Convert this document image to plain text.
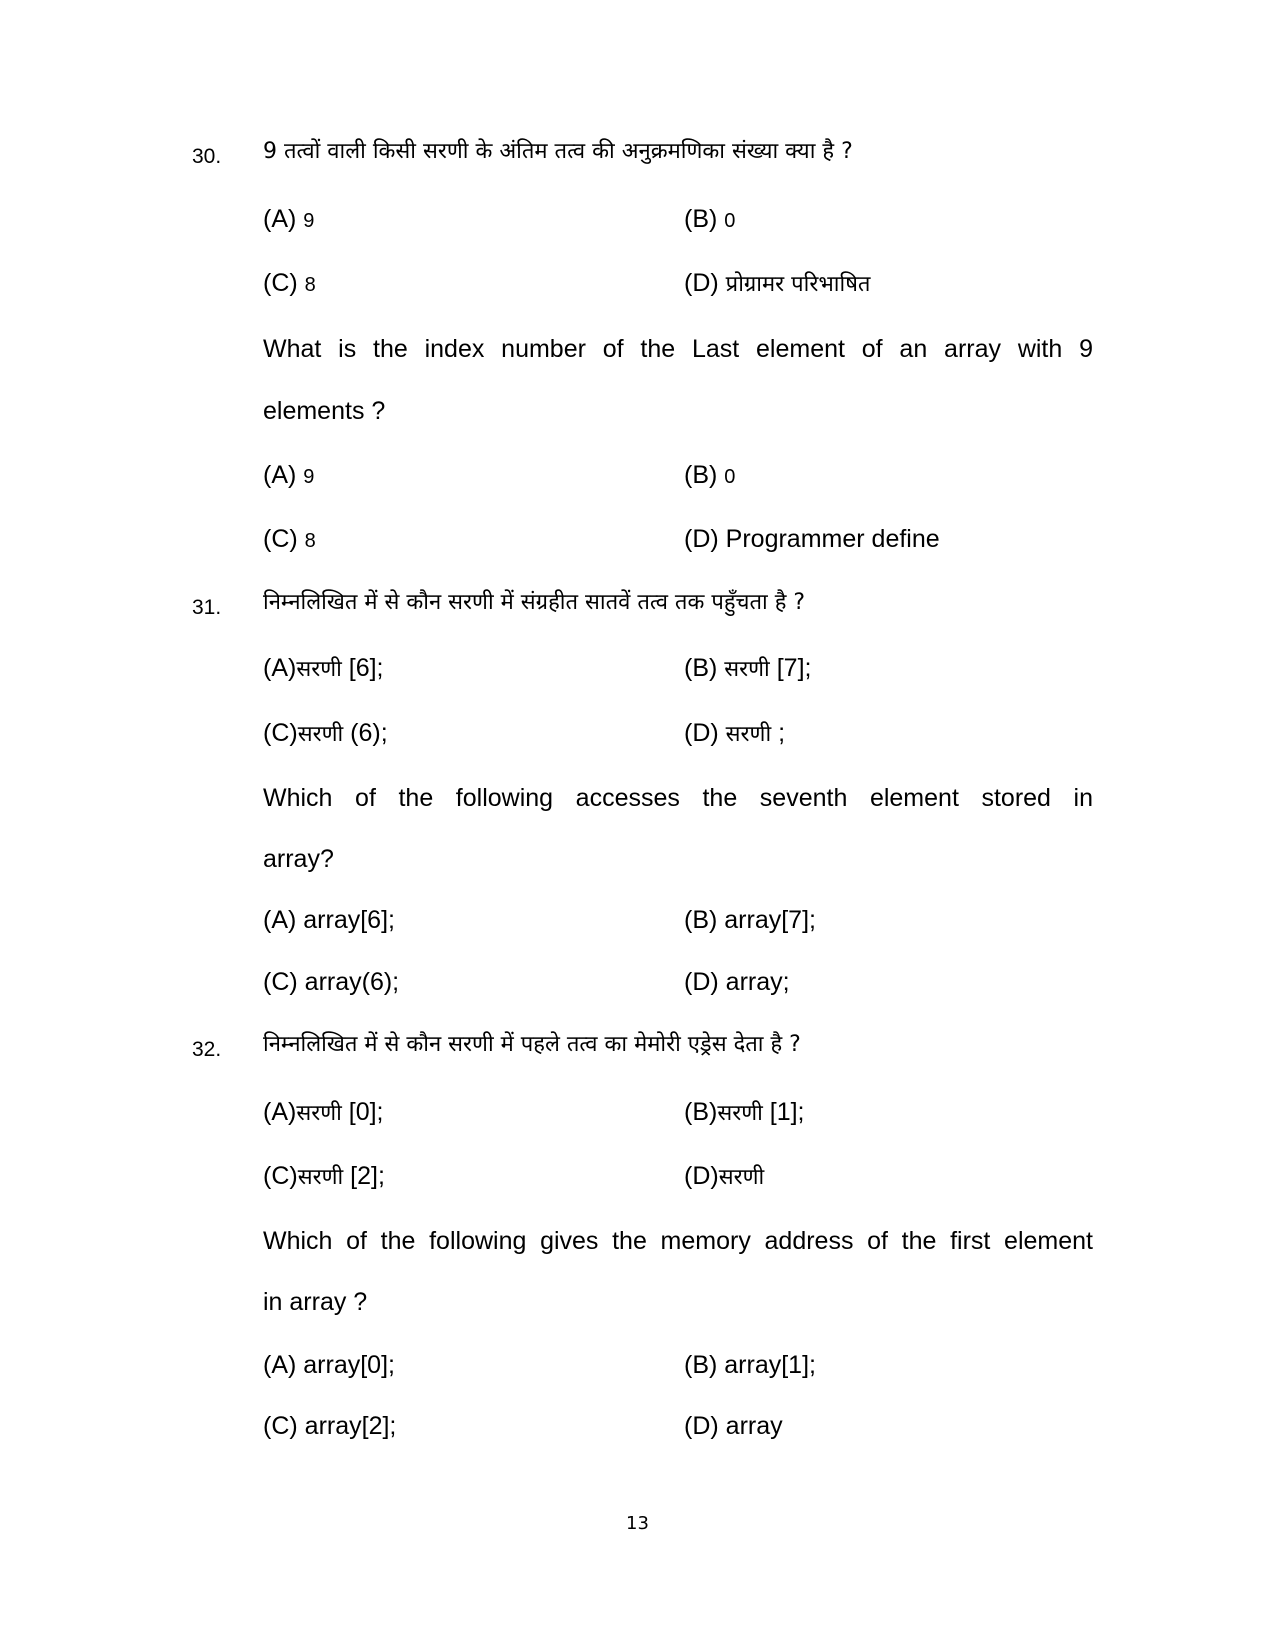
30. 9 तत्वों वाली किसी सरणी के अंतिम तत्व की अनुक्रमणिका संख्या क्या है ?
(A) 9	(B) 0
(C) 8	(D) प्रोग्रामर परिभाषित
What is the index number of the Last element of an array with 9
elements ?
(A) 9	(B) 0
(C) 8	(D) Programmer define
31. निम्नलिखित में से कौन सरणी में संग्रहीत सातवें तत्व तक पहुँचता है ?
(A)सरणी [6];	(B) सरणी [7];
(C)सरणी (6);	(D) सरणी ;
Which of the following accesses the seventh element stored in
array?
(A) array[6];	(B) array[7];
(C) array(6);	(D) array;
32. निम्नलिखित में से कौन सरणी में पहले तत्व का मेमोरी एड्रेस देता है ?
(A)सरणी [0];	(B)सरणी [1];
(C)सरणी [2];	(D)सरणी
Which of the following gives the memory address of the first element
in array ?
(A) array[0];	(B) array[1];
(C) array[2];	(D) array
13
